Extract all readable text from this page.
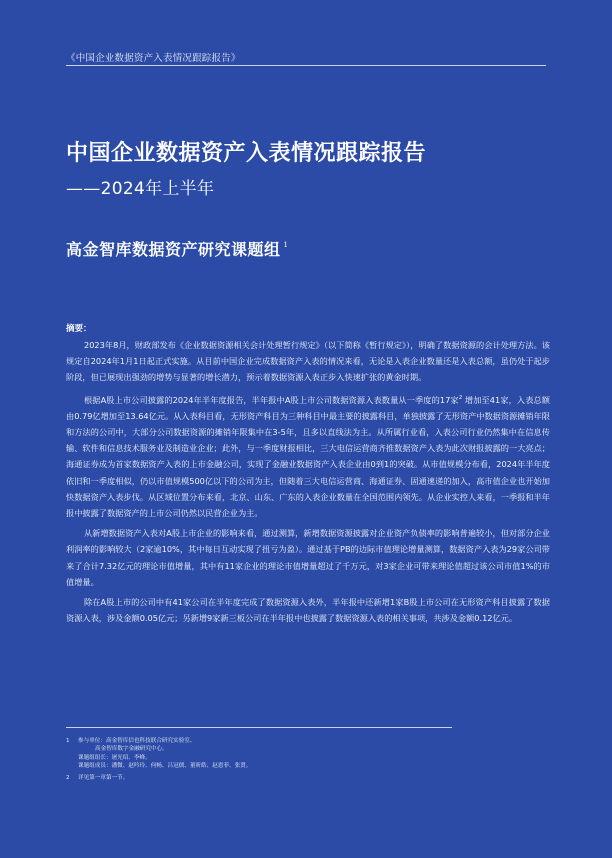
《中国企业数据资产入表情况跟踪报告》
中国企业数据资产入表情况跟踪报告
——2024年上半年
高金智库数据资产研究课题组 $^1$
摘要：

2023年8月，财政部发布《企业数据资源相关会计处理暂行规定》（以下简称《暂行规定》），明确了数据资源的会计处理方法。该规定自2024年1月1日起正式实施。从目前中国企业完成数据资产入表的情况来看，无论是入表企业数量还是入表总额，虽仍处于起步阶段，但已展现出强劲的增势与显著的增长潜力，预示着数据资源入表正步入快速扩张的黄金时期。

根据A股上市公司披露的2024年半年度报告，半年报中A股上市公司数据资源入表数量从一季度的17家$^2$ 增加至41家，入表总额由0.79亿增加至13.64亿元。从入表科目看，无形资产科目为三种科目中最主要的披露科目，单独披露了无形资产中数据资源摊销年限和方法的公司中，大部分公司数据资源的摊销年限集中在3-5年，且多以直线法为主。从所属行业看，入表公司行业仍然集中在信息传输、软件和信息技术服务业及制造业企业；此外，与一季度财报相比，三大电信运营商齐推数据资产入表为此次财报披露的一大亮点；海通证券成为首家数据资产入表的上市金融公司，实现了金融业数据资产入表企业由0到1的突破。从市值规模分布看，2024年半年度依旧和一季度相似，仍以市值规模500亿以下的公司为主，但随着三大电信运营商、海通证券、固通速递的加入，高市值企业也开始加快数据资产入表步伐。从区域位置分布来看，北京、山东、广东的入表企业数量在全国范围内领先。从企业实控人来看，一季报和半年报中披露了数据资产的上市公司仍然以民营企业为主。

从新增数据资产入表对A股上市企业的影响来看，通过测算，新增数据资源披露对企业资产负债率的影响普遍较小，但对部分企业利润率的影响较大（2家逾10%，其中每日互动实现了扭亏为盈）。通过基于PB的边际市值理论增量测算，数据资产入表为29家公司带来了合计7.32亿元的理论市值增量，其中有11家企业的理论市值增量超过了千万元，对3家企业可带来理论值超过该公司市值1%的市值增量。

除在A股上市的公司中有41家公司在半年度完成了数据资源入表外，半年报中还新增1家B股上市公司在无形资产科目披露了数据资源入表，涉及金额0.05亿元；另新增9家新三板公司在半年报中也披露了数据资源入表的相关事项，共涉及金额0.12亿元。

1	参与单位：高金智库信也科技联合研究实验室、
高金智库数字金融研究中心。
课题组组长：屠光绍、李峰。
课题组成员：潘微、赵吟玲、何畅、吕冠儒、董昕皓、赵恩菲、张贤。
2	详见第一章第一节。
